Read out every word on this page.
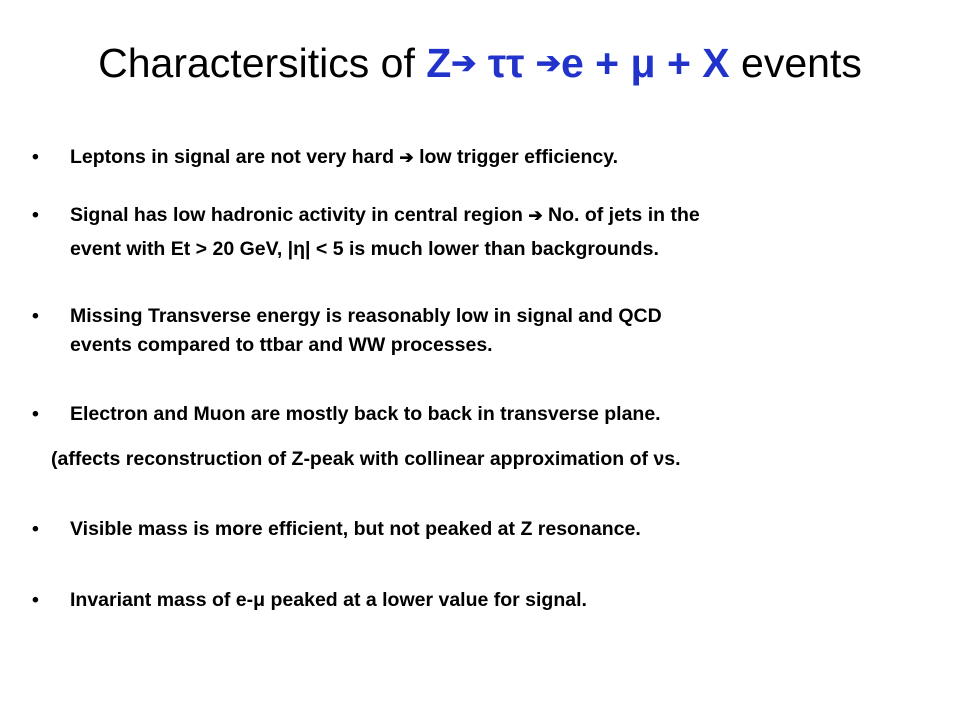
Charactersitics of Z➔ ττ ➔e + μ + X events
• Leptons in signal are not very hard ➔ low trigger efficiency.
• Signal has low hadronic activity in central region ➔ No. of jets in the
event with Et > 20 GeV, |η| < 5 is much lower than backgrounds.
• Missing Transverse energy is reasonably low in signal and QCD
events compared to ttbar and WW processes.
• Electron and Muon are mostly back to back in transverse plane.
(affects reconstruction of Z-peak with collinear approximation of νs.
• Visible mass is more efficient, but not peaked at Z resonance.
• Invariant mass of e-μ peaked at a lower value for signal.
